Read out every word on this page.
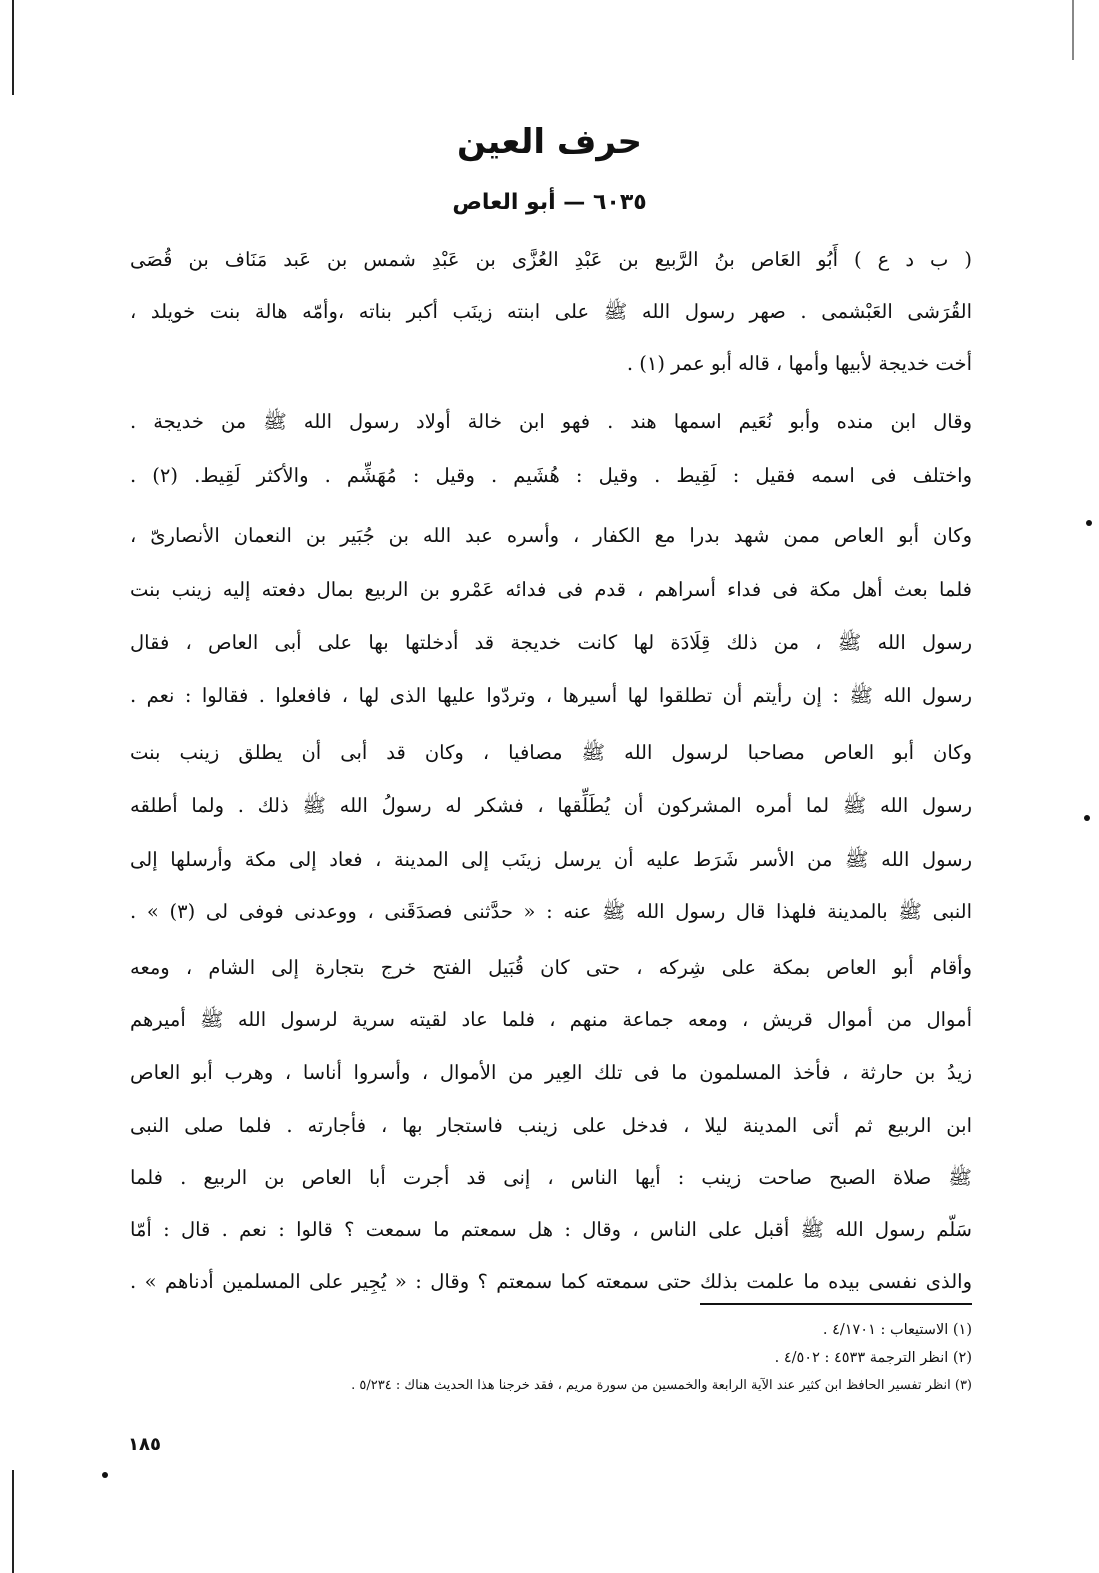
حرف العين
٦٠٣٥ — أبو العاص
( ب د ع ) أَبُو العَاص بنُ الرَّبيع بن عَبْدِ العُزَّى بن عَبْدِ شمس بن عَبد مَنَاف بن قُصَى
القُرَشى العَبْشمى . صهر رسول الله ﷺ على ابنته زينَب أكبر بناته ،وأمّه هالة بنت خويلد ،
أخت خديجة لأبيها وأمها ، قاله أبو عمر (١) .
وقال ابن منده وأبو نُعَيم اسمها هند . فهو ابن خالة أولاد رسول الله ﷺ من خديجة .
واختلف فى اسمه فقيل : لَقِيط . وقيل : هُشَيم . وقيل : مُهَشِّم . والأكثر لَقِيط. (٢) .
وكان أبو العاص ممن شهد بدرا مع الكفار ، وأسره عبد الله بن جُبَير بن النعمان الأنصارىّ ،
فلما بعث أهل مكة فى فداء أسراهم ، قدم فى فدائه عَمْرو بن الربيع بمال دفعته إليه زينب بنت
رسول الله ﷺ ، من ذلك قِلَادَة لها كانت خديجة قد أدخلتها بها على أبى العاص ، فقال
رسول الله ﷺ : إن رأيتم أن تطلقوا لها أسيرها ، وتردّوا عليها الذى لها ، فافعلوا . فقالوا : نعم .
وكان أبو العاص مصاحبا لرسول الله ﷺ مصافيا ، وكان قد أبى أن يطلق زينب بنت
رسول الله ﷺ لما أمره المشركون أن يُطَلِّقها ، فشكر له رسولُ الله ﷺ ذلك . ولما أطلقه
رسول الله ﷺ من الأسر شَرَط عليه أن يرسل زينَب إلى المدينة ، فعاد إلى مكة وأرسلها إلى
النبى ﷺ بالمدينة فلهذا قال رسول الله ﷺ عنه : « حدَّثنى فصدَقَنى ، ووعدنى فوفى لى (٣) » .
وأقام أبو العاص بمكة على شِركه ، حتى كان قُبَيل الفتح خرج بتجارة إلى الشام ، ومعه
أموال من أموال قريش ، ومعه جماعة منهم ، فلما عاد لقيته سرية لرسول الله ﷺ أميرهم
زيدُ بن حارثة ، فأخذ المسلمون ما فى تلك العِير من الأموال ، وأسروا أناسا ، وهرب أبو العاص
ابن الربيع ثم أتى المدينة ليلا ، فدخل على زينب فاستجار بها ، فأجارته . فلما صلى النبى
ﷺ صلاة الصبح صاحت زينب : أيها الناس ، إنى قد أجرت أبا العاص بن الربيع . فلما
سَلّم رسول الله ﷺ أقبل على الناس ، وقال : هل سمعتم ما سمعت ؟ قالوا : نعم . قال : أمّا
والذى نفسى بيده ما علمت بذلك حتى سمعته كما سمعتم ؟ وقال : « يُجِير على المسلمين أدناهم » .
(١) الاستيعاب : ٤/١٧٠١ .
(٢) انظر الترجمة ٤٥٣٣ : ٤/٥٠٢ .
(٣) انظر تفسير الحافظ ابن كثير عند الآية الرابعة والخمسين من سورة مريم ، فقد خرجنا هذا الحديث هناك : ٥/٢٣٤ .
١٨٥
